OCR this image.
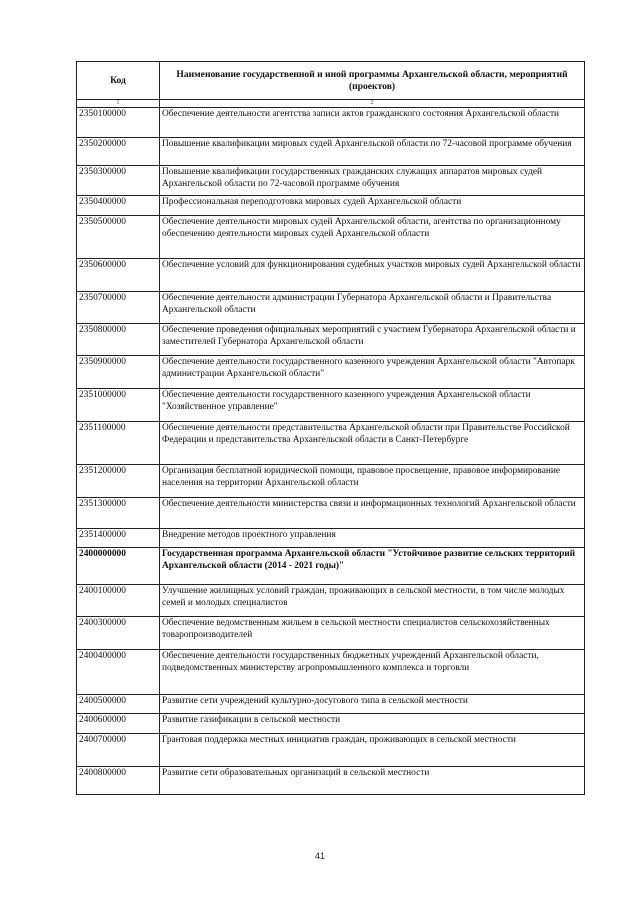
Код	Наименование государственной и иной программы Архангельской области, мероприятий (проектов)
1	2
2350100000	Обеспечение деятельности агентства записи актов гражданского состояния Архангельской области
2350200000	Повышение квалификации мировых судей Архангельской области по 72-часовой программе обучения
2350300000	Повышение квалификации государственных гражданских служащих аппаратов мировых судей Архангельской области по 72-часовой программе обучения
2350400000	Профессиональная переподготовка мировых судей Архангельской области
2350500000	Обеспечение деятельности мировых судей Архангельской области, агентства по организационному обеспечению деятельности мировых судей Архангельской области
2350600000	Обеспечение условий для функционирования судебных участков мировых судей Архангельской области
2350700000	Обеспечение деятельности администрации Губернатора Архангельской области и Правительства Архангельской области
2350800000	Обеспечение проведения официальных мероприятий с участием Губернатора Архангельской области и заместителей Губернатора Архангельской области
2350900000	Обеспечение деятельности государственного казенного учреждения Архангельской области "Автопарк администрации Архангельской области"
2351000000	Обеспечение деятельности государственного казенного учреждения Архангельской области "Хозяйственное управление"
2351100000	Обеспечение деятельности представительства Архангельской области при Правительстве Российской Федерации и представительства Архангельской области в Санкт-Петербурге
2351200000	Организация бесплатной юридической помощи, правовое просвещение, правовое информирование населения на территории Архангельской области
2351300000	Обеспечение деятельности министерства связи и информационных технологий Архангельской области
2351400000	Внедрение методов проектного управления
2400000000	Государственная программа Архангельской области "Устойчивое развитие сельских территорий Архангельской области (2014 - 2021 годы)"
2400100000	Улучшение жилищных условий граждан, проживающих в сельской местности, в том числе молодых семей и молодых специалистов
2400300000	Обеспечение ведомственным жильем в сельской местности специалистов сельскохозяйственных товаропроизводителей
2400400000	Обеспечение деятельности государственных бюджетных учреждений Архангельской области, подведомственных министерству агропромышленного комплекса и торговли
2400500000	Развитие сети учреждений культурно-досугового типа в сельской местности
2400600000	Развитие газификации в сельской местности
2400700000	Грантовая поддержка местных инициатив граждан, проживающих в сельской местности
2400800000	Развитие сети образовательных организаций в сельской местности
41
